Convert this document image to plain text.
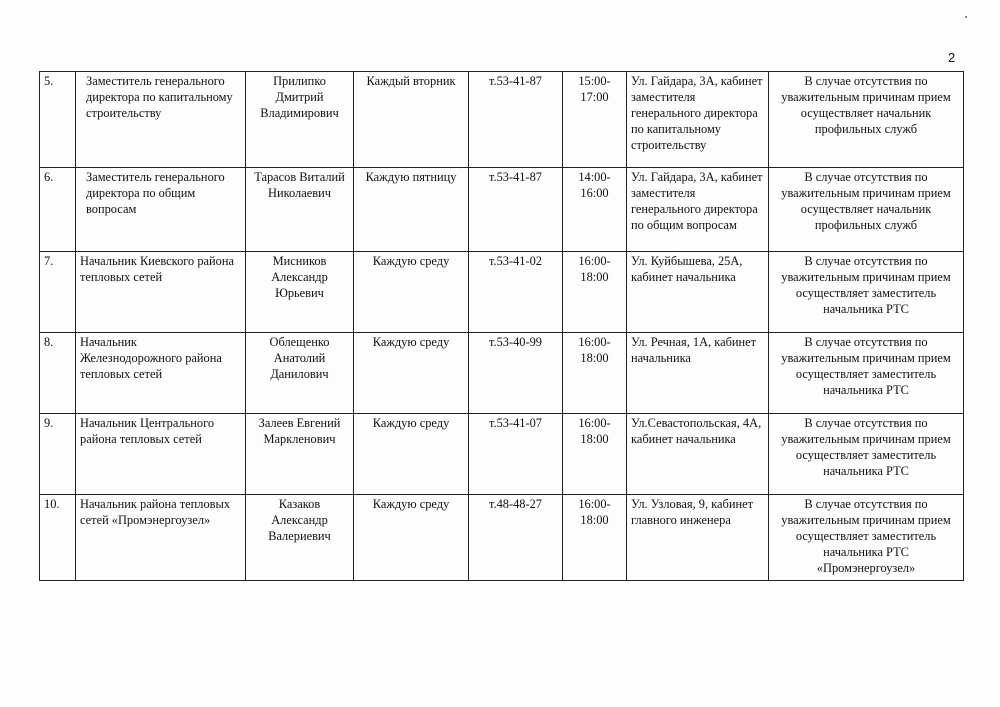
2
5.	Заместитель генерального директора по капитальному строительству	Прилипко Дмитрий Владимирович	Каждый вторник	т.53-41-87	15:00-17:00	Ул. Гайдара, 3А, кабинет заместителя генерального директора по капитальному строительству	В случае отсутствия по уважительным причинам прием осуществляет начальник профильных служб
6.	Заместитель генерального директора по общим вопросам	Тарасов Виталий Николаевич	Каждую пятницу	т.53-41-87	14:00-16:00	Ул. Гайдара, 3А, кабинет заместителя генерального директора по общим вопросам	В случае отсутствия по уважительным причинам прием осуществляет начальник профильных служб
7.	Начальник Киевского района тепловых сетей	Мисников Александр Юрьевич	Каждую среду	т.53-41-02	16:00-18:00	Ул. Куйбышева, 25А, кабинет начальника	В случае отсутствия по уважительным причинам прием осуществляет заместитель начальника РТС
8.	Начальник Железнодорожного района тепловых сетей	Облещенко Анатолий Данилович	Каждую среду	т.53-40-99	16:00-18:00	Ул. Речная, 1А, кабинет начальника	В случае отсутствия по уважительным причинам прием осуществляет заместитель начальника РТС
9.	Начальник Центрального района тепловых сетей	Залеев Евгений Маркленович	Каждую среду	т.53-41-07	16:00-18:00	Ул.Севастопольская, 4А, кабинет начальника	В случае отсутствия по уважительным причинам прием осуществляет заместитель начальника РТС
10.	Начальник района тепловых сетей «Промэнергоузел»	Казаков Александр Валериевич	Каждую среду	т.48-48-27	16:00-18:00	Ул. Узловая, 9, кабинет главного инженера	В случае отсутствия по уважительным причинам прием осуществляет заместитель начальника РТС «Промэнергоузел»
